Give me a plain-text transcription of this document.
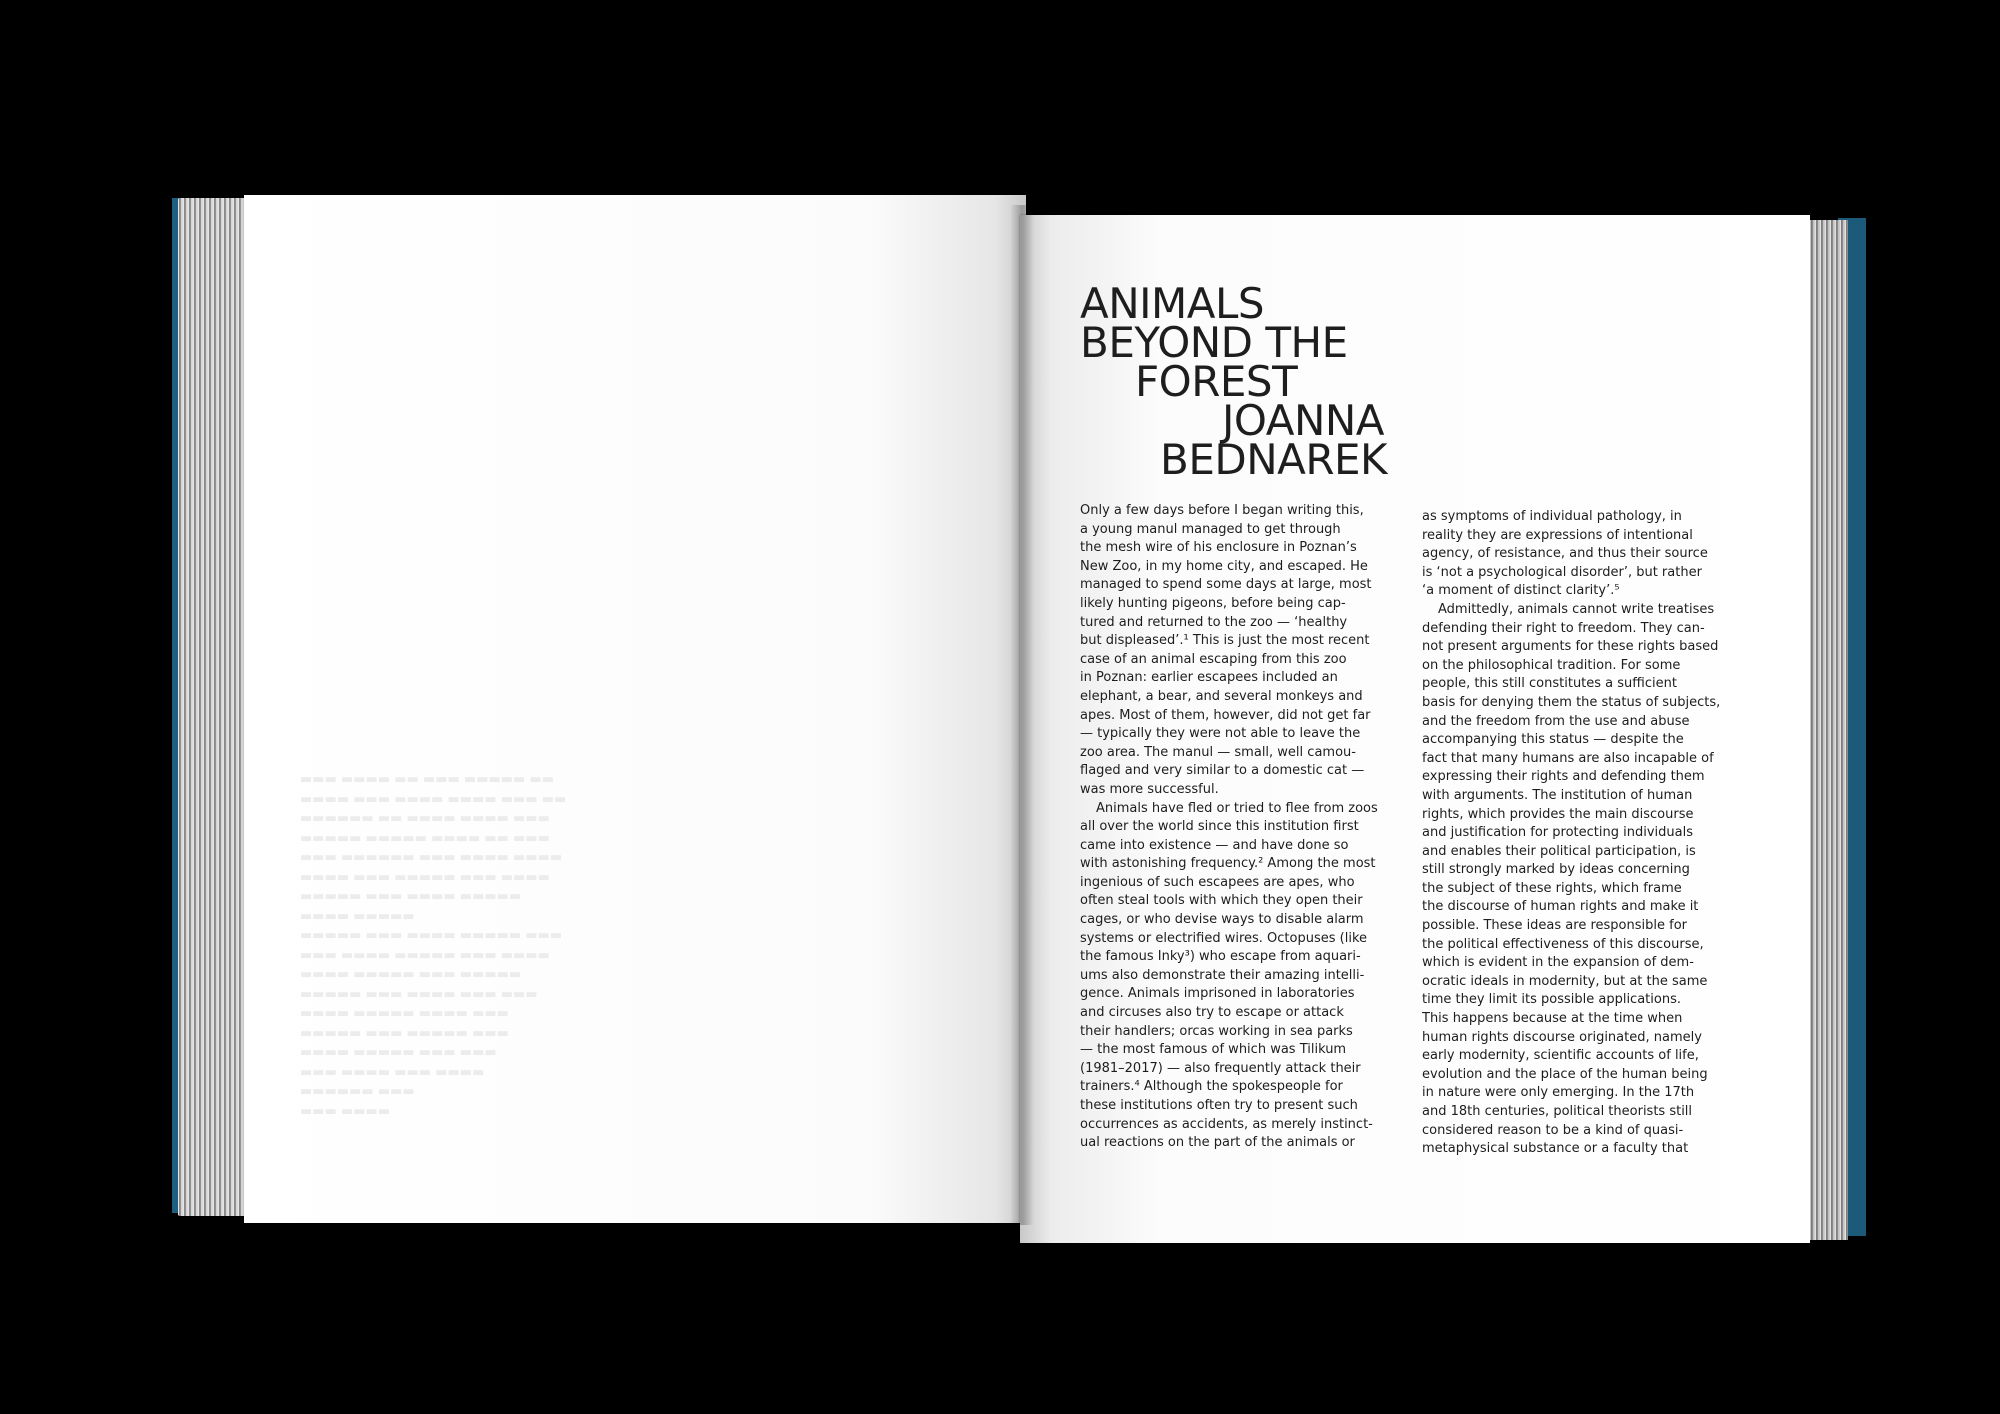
▬▬▬ ▬▬▬▬ ▬▬ ▬▬▬ ▬▬▬▬▬ ▬▬
▬▬▬▬ ▬▬▬ ▬▬▬▬ ▬▬▬▬ ▬▬▬ ▬▬
▬▬▬▬▬▬ ▬▬ ▬▬▬▬ ▬▬▬▬ ▬▬▬
▬▬▬▬▬ ▬▬▬▬▬ ▬▬▬▬ ▬▬ ▬▬▬
▬▬▬ ▬▬▬▬▬▬ ▬▬▬ ▬▬▬▬ ▬▬▬▬
▬▬▬▬ ▬▬▬ ▬▬▬▬▬ ▬▬▬ ▬▬▬▬
▬▬▬▬▬ ▬▬▬ ▬▬▬▬ ▬▬▬▬▬
▬▬▬▬ ▬▬▬▬▬
▬▬▬▬▬ ▬▬▬ ▬▬▬▬ ▬▬▬▬▬ ▬▬▬
▬▬▬ ▬▬▬▬ ▬▬▬▬▬ ▬▬▬ ▬▬▬▬
▬▬▬▬ ▬▬▬▬▬ ▬▬▬ ▬▬▬▬▬
▬▬▬▬▬ ▬▬▬ ▬▬▬▬ ▬▬▬ ▬▬▬
▬▬▬▬ ▬▬▬▬▬ ▬▬▬▬ ▬▬▬
▬▬▬▬▬ ▬▬▬ ▬▬▬▬▬ ▬▬▬
▬▬▬▬ ▬▬▬▬▬ ▬▬▬ ▬▬▬
▬▬▬ ▬▬▬▬ ▬▬▬ ▬▬▬▬
▬▬▬▬▬▬ ▬▬▬
▬▬▬ ▬▬▬▬
ANIMALS
BEYOND THE
FOREST
JOANNA
BEDNAREK
Only a few days before I began writing this,
a young manul managed to get through
the mesh wire of his enclosure in Poznan’s
New Zoo, in my home city, and escaped. He
managed to spend some days at large, most
likely hunting pigeons, before being cap-
tured and returned to the zoo — ‘healthy
but displeased’.¹ This is just the most recent
case of an animal escaping from this zoo
in Poznan: earlier escapees included an
elephant, a bear, and several monkeys and
apes. Most of them, however, did not get far
— typically they were not able to leave the
zoo area. The manul — small, well camou-
flaged and very similar to a domestic cat —
was more successful.
Animals have fled or tried to flee from zoos
all over the world since this institution first
came into existence — and have done so
with astonishing frequency.² Among the most
ingenious of such escapees are apes, who
often steal tools with which they open their
cages, or who devise ways to disable alarm
systems or electrified wires. Octopuses (like
the famous Inky³) who escape from aquari-
ums also demonstrate their amazing intelli-
gence. Animals imprisoned in laboratories
and circuses also try to escape or attack
their handlers; orcas working in sea parks
— the most famous of which was Tilikum
(1981–2017) — also frequently attack their
trainers.⁴ Although the spokespeople for
these institutions often try to present such
occurrences as accidents, as merely instinct-
ual reactions on the part of the animals or
as symptoms of individual pathology, in
reality they are expressions of intentional
agency, of resistance, and thus their source
is ‘not a psychological disorder’, but rather
‘a moment of distinct clarity’.⁵
Admittedly, animals cannot write treatises
defending their right to freedom. They can-
not present arguments for these rights based
on the philosophical tradition. For some
people, this still constitutes a sufficient
basis for denying them the status of subjects,
and the freedom from the use and abuse
accompanying this status — despite the
fact that many humans are also incapable of
expressing their rights and defending them
with arguments. The institution of human
rights, which provides the main discourse
and justification for protecting individuals
and enables their political participation, is
still strongly marked by ideas concerning
the subject of these rights, which frame
the discourse of human rights and make it
possible. These ideas are responsible for
the political effectiveness of this discourse,
which is evident in the expansion of dem-
ocratic ideals in modernity, but at the same
time they limit its possible applications.
This happens because at the time when
human rights discourse originated, namely
early modernity, scientific accounts of life,
evolution and the place of the human being
in nature were only emerging. In the 17th
and 18th centuries, political theorists still
considered reason to be a kind of quasi-
metaphysical substance or a faculty that
